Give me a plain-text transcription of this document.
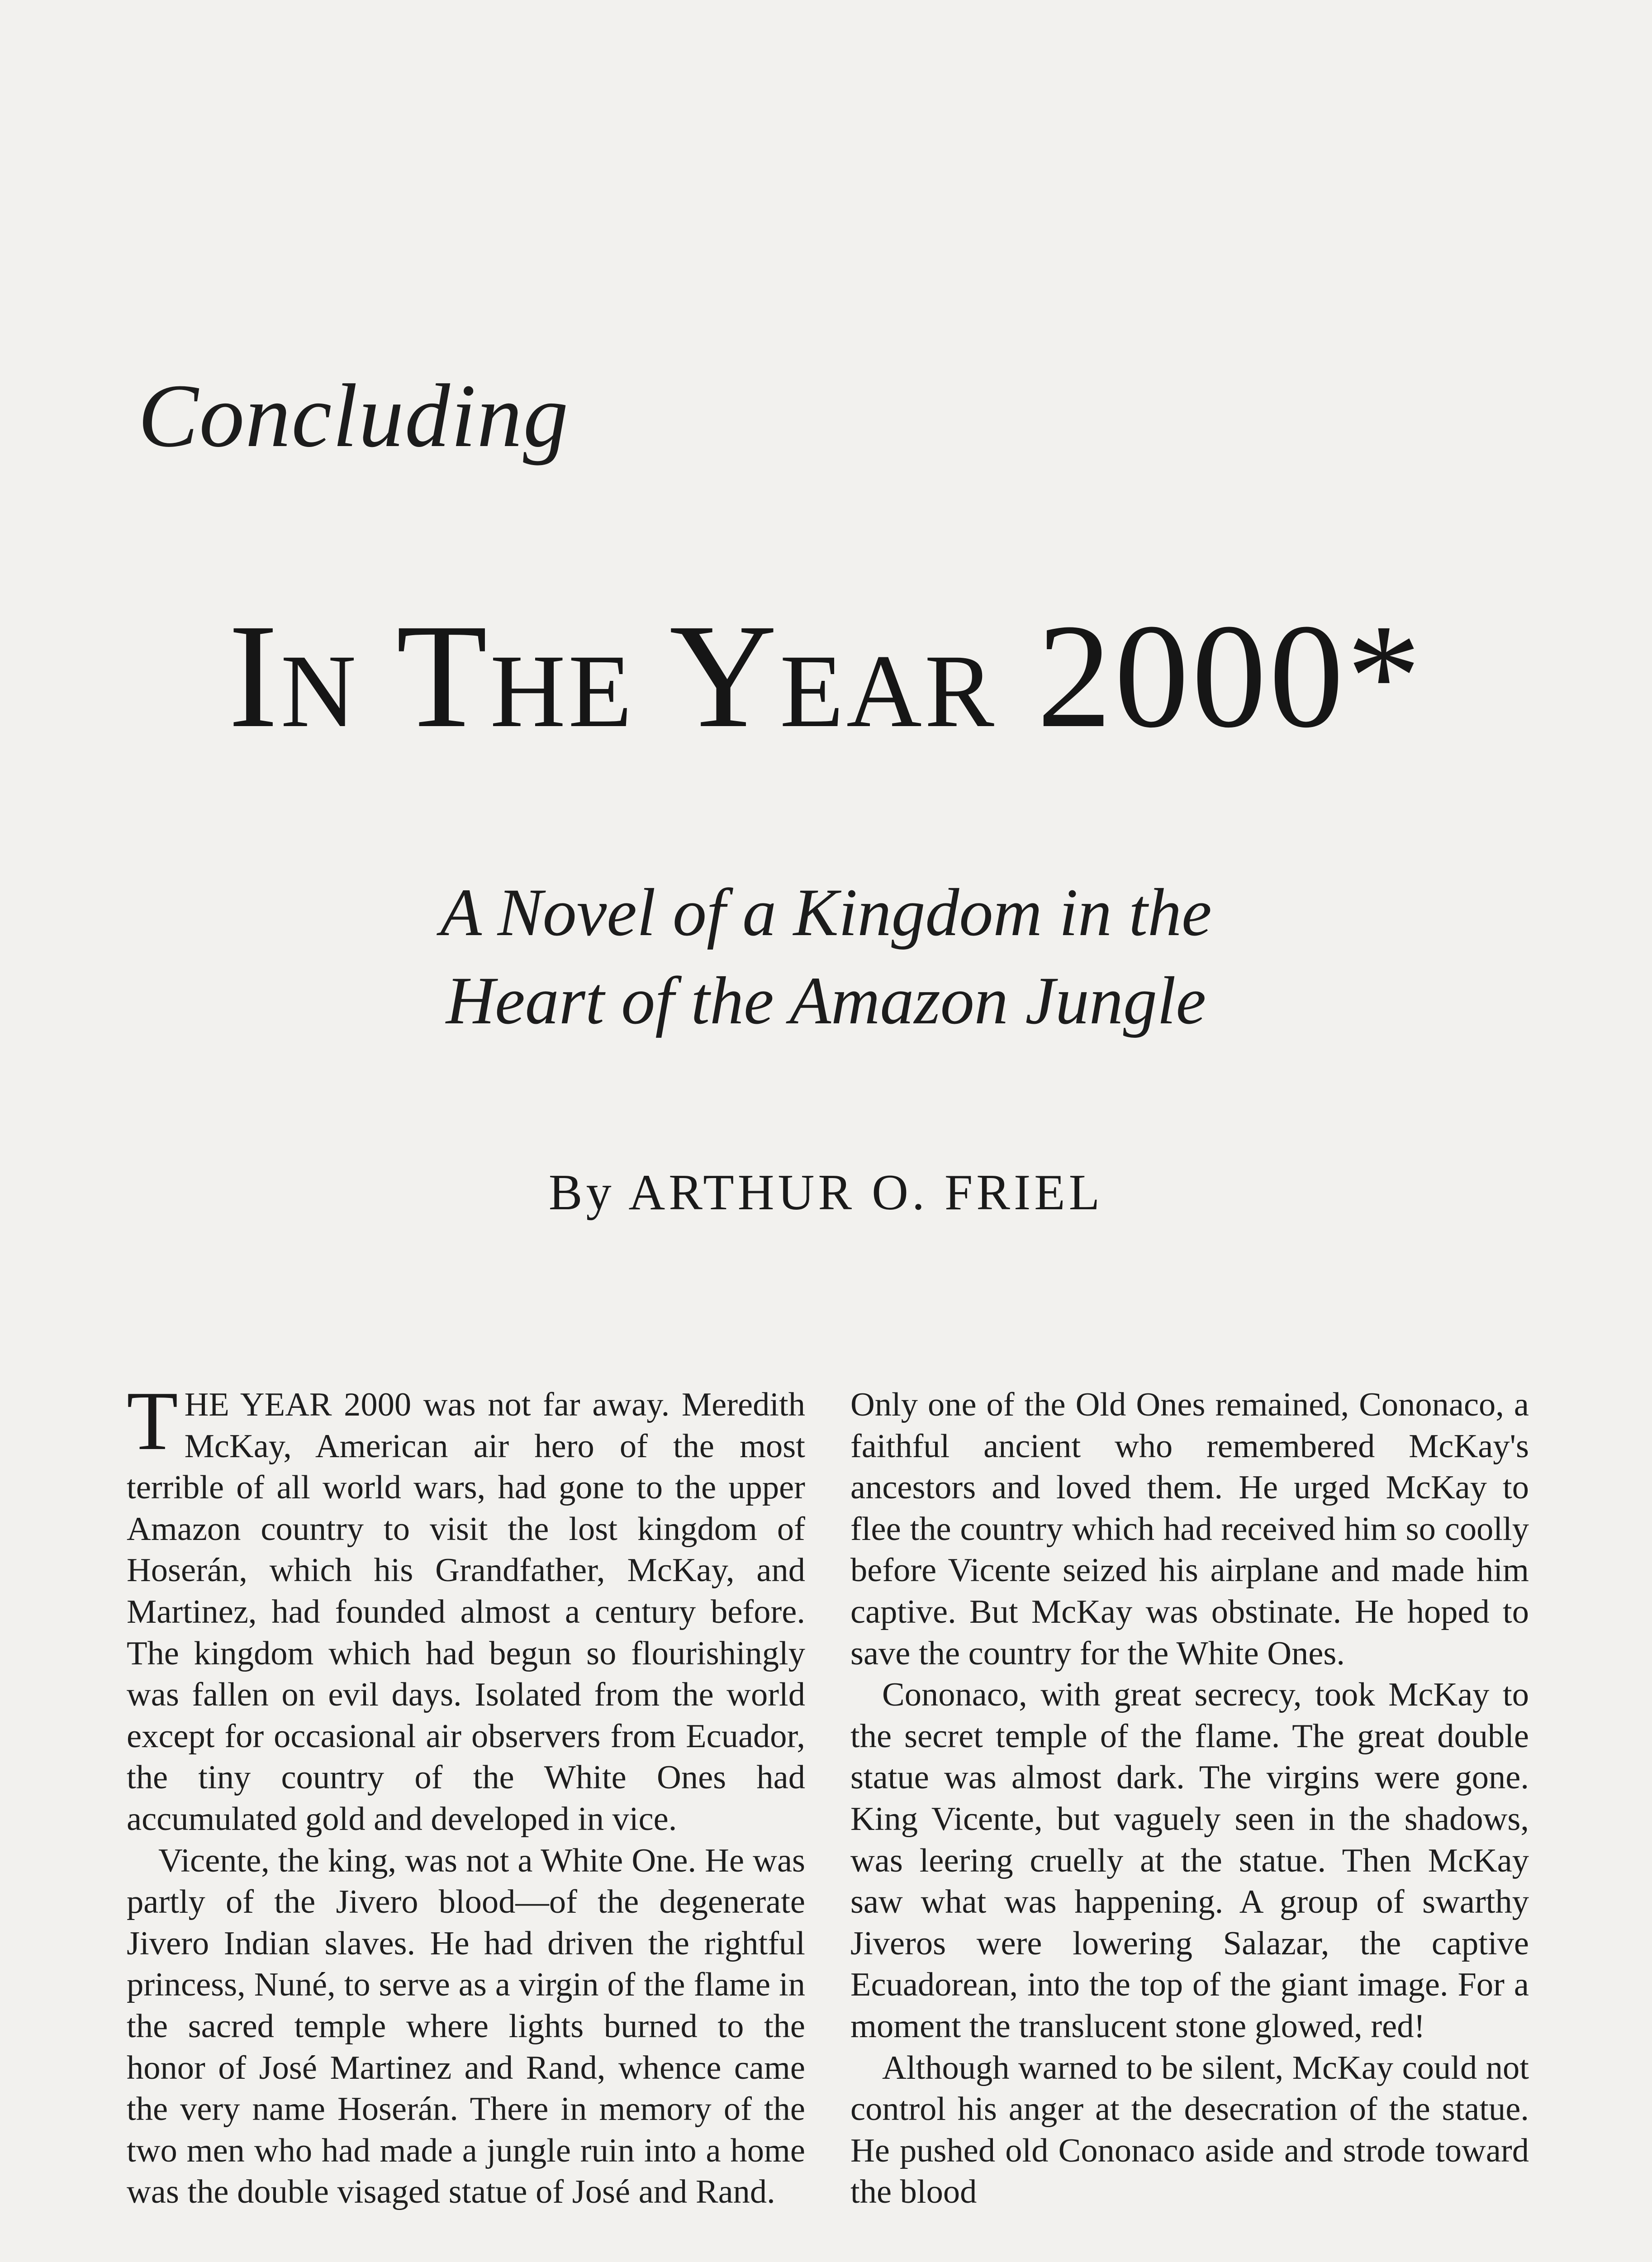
Concluding
In The Year 2000*
A Novel of a Kingdom in the
Heart of the Amazon Jungle
By ARTHUR O. FRIEL

THE YEAR 2000 was not far away. Meredith McKay, American air hero of the most terrible of all world wars, had gone to the upper Amazon country to visit the lost kingdom of Hoserán, which his Grandfather, McKay, and Martinez, had founded almost a century before. The kingdom which had begun so flourishingly was fallen on evil days. Isolated from the world except for occasional air observers from Ecuador, the tiny country of the White Ones had accumulated gold and developed in vice.

Vicente, the king, was not a White One. He was partly of the Jivero blood—of the degenerate Jivero Indian slaves. He had driven the rightful princess, Nuné, to serve as a virgin of the flame in the sacred temple where lights burned to the honor of José Martinez and Rand, whence came the very name Hoserán. There in memory of the two men who had made a jungle ruin into a home was the double visaged statue of José and Rand.

Only one of the Old Ones remained, Cononaco, a faithful ancient who remembered McKay's ancestors and loved them. He urged McKay to flee the country which had received him so coolly before Vicente seized his airplane and made him captive. But McKay was obstinate. He hoped to save the country for the White Ones.

Cononaco, with great secrecy, took McKay to the secret temple of the flame. The great double statue was almost dark. The virgins were gone. King Vicente, but vaguely seen in the shadows, was leering cruelly at the statue. Then McKay saw what was happening. A group of swarthy Jiveros were lowering Salazar, the captive Ecuadorean, into the top of the giant image. For a moment the translucent stone glowed, red!

Although warned to be silent, McKay could not control his anger at the desecration of the statue. He pushed old Cononaco aside and strode toward the blood
